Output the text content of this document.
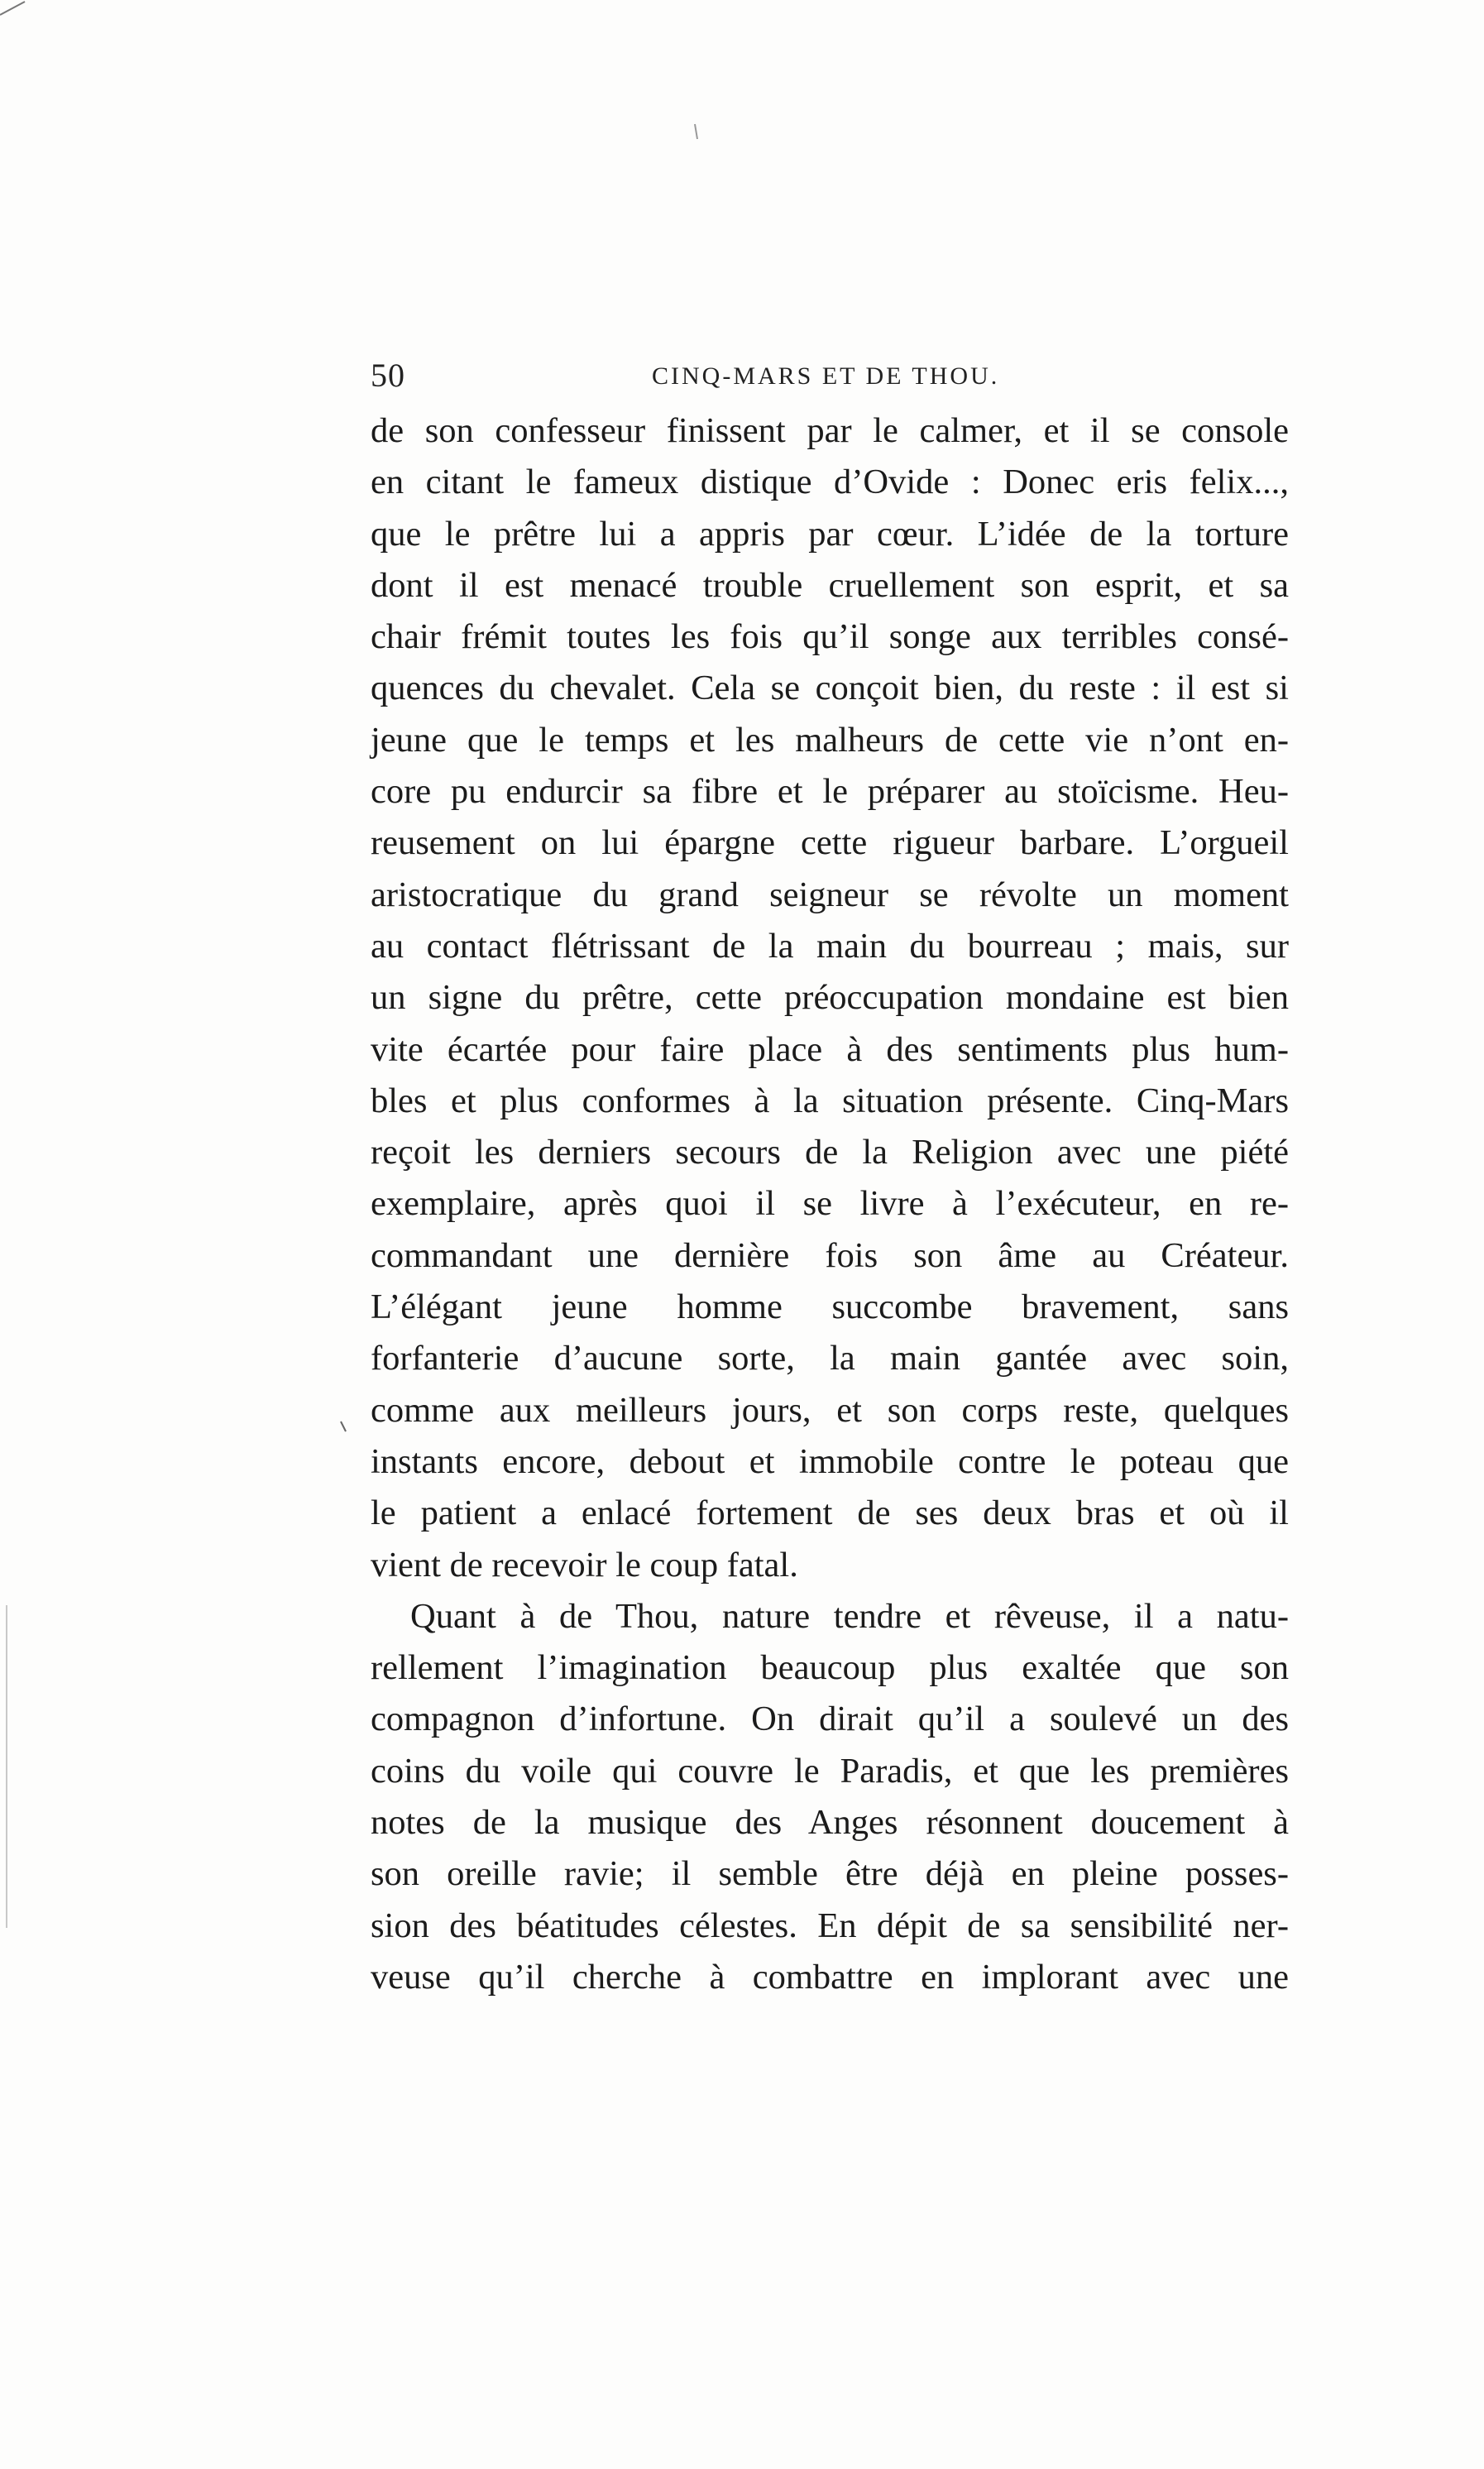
50	CINQ-MARS ET DE THOU.
de son confesseur finissent par le calmer, et il se console
en citant le fameux distique d’Ovide : Donec eris felix...,
que le prêtre lui a appris par cœur. L’idée de la torture
dont il est menacé trouble cruellement son esprit, et sa
chair frémit toutes les fois qu’il songe aux terribles consé-
quences du chevalet. Cela se conçoit bien, du reste : il est si
jeune que le temps et les malheurs de cette vie n’ont en-
core pu endurcir sa fibre et le préparer au stoïcisme. Heu-
reusement on lui épargne cette rigueur barbare. L’orgueil
aristocratique du grand seigneur se révolte un moment
au contact flétrissant de la main du bourreau ; mais, sur
un signe du prêtre, cette préoccupation mondaine est bien
vite écartée pour faire place à des sentiments plus hum-
bles et plus conformes à la situation présente. Cinq-Mars
reçoit les derniers secours de la Religion avec une piété
exemplaire, après quoi il se livre à l’exécuteur, en re-
commandant une dernière fois son âme au Créateur.
L’élégant jeune homme succombe bravement, sans
forfanterie d’aucune sorte, la main gantée avec soin,
comme aux meilleurs jours, et son corps reste, quelques
instants encore, debout et immobile contre le poteau que
le patient a enlacé fortement de ses deux bras et où il
vient de recevoir le coup fatal.
Quant à de Thou, nature tendre et rêveuse, il a natu-
rellement l’imagination beaucoup plus exaltée que son
compagnon d’infortune. On dirait qu’il a soulevé un des
coins du voile qui couvre le Paradis, et que les premières
notes de la musique des Anges résonnent doucement à
son oreille ravie; il semble être déjà en pleine posses-
sion des béatitudes célestes. En dépit de sa sensibilité ner-
veuse qu’il cherche à combattre en implorant avec une
